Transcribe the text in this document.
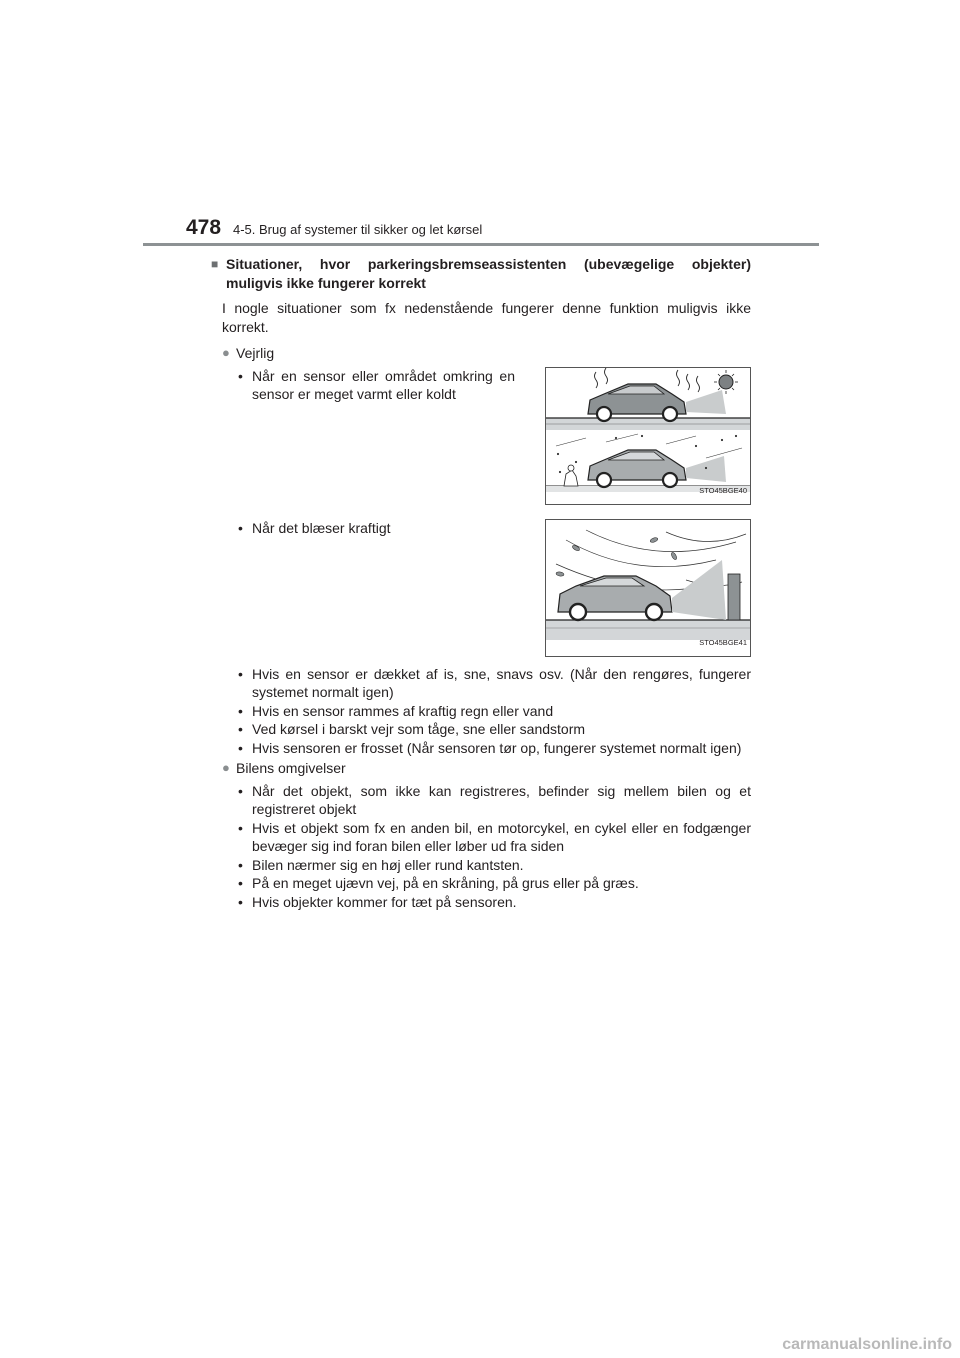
478 4-5. Brug af systemer til sikker og let kørsel
■ Situationer, hvor parkeringsbremseassistenten (ubevægelige objekter) muligvis ikke fungerer korrekt
I nogle situationer som fx nedenstående fungerer denne funktion muligvis ikke korrekt.
● Vejrlig
• Når en sensor eller området omkring en sensor er meget varmt eller koldt
STO45BGE40
• Når det blæser kraftigt
STO45BGE41
• Hvis en sensor er dækket af is, sne, snavs osv. (Når den rengøres, fungerer systemet normalt igen)
• Hvis en sensor rammes af kraftig regn eller vand
• Ved kørsel i barskt vejr som tåge, sne eller sandstorm
• Hvis sensoren er frosset (Når sensoren tør op, fungerer systemet normalt igen)
● Bilens omgivelser
• Når det objekt, som ikke kan registreres, befinder sig mellem bilen og et registreret objekt
• Hvis et objekt som fx en anden bil, en motorcykel, en cykel eller en fodgænger bevæger sig ind foran bilen eller løber ud fra siden
• Bilen nærmer sig en høj eller rund kantsten.
• På en meget ujævn vej, på en skråning, på grus eller på græs.
• Hvis objekter kommer for tæt på sensoren.
carmanualsonline.info
